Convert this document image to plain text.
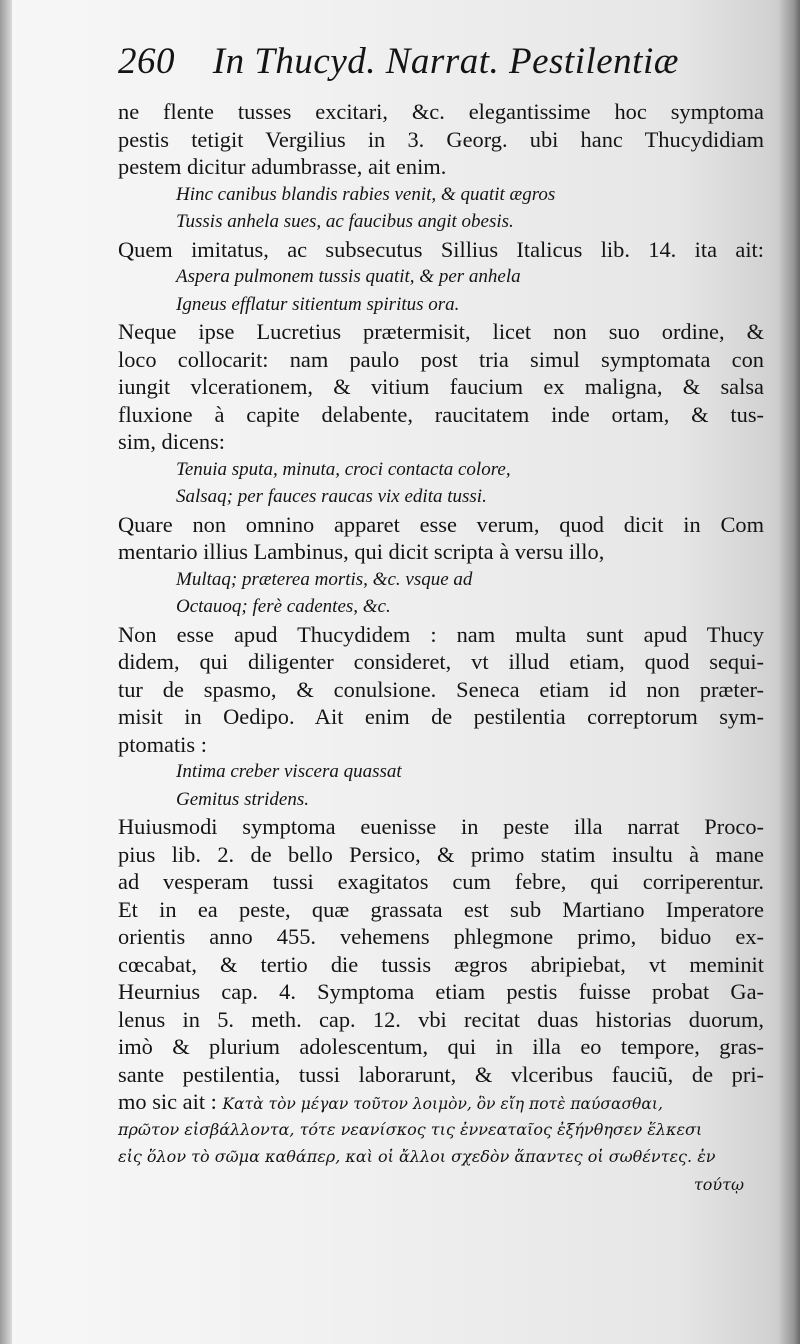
260 In Thucyd. Narrat. Pestilentiæ
ne flente tusses excitari, &c. elegantissime hoc symptoma
pestis tetigit Vergilius in 3. Georg. ubi hanc Thucydidiam
pestem dicitur adumbrasse, ait enim.
Hinc canibus blandis rabies venit, & quatit ægros
Tussis anhela sues, ac faucibus angit obesis.
Quem imitatus, ac subsecutus Sillius Italicus lib. 14. ita ait:
Aspera pulmonem tussis quatit, & per anhela
Igneus efflatur sitientum spiritus ora.
Neque ipse Lucretius prætermisit, licet non suo ordine, &
loco collocarit: nam paulo post tria simul symptomata con
iungit vlcerationem, & vitium faucium ex maligna, & salsa
fluxione à capite delabente, raucitatem inde ortam, & tus-
sim, dicens:
Tenuia sputa, minuta, croci contacta colore,
Salsaq; per fauces raucas vix edita tussi.
Quare non omnino apparet esse verum, quod dicit in Com
mentario illius Lambinus, qui dicit scripta à versu illo,
Multaq; præterea mortis, &c. vsque ad
Octauoq; ferè cadentes, &c.
Non esse apud Thucydidem : nam multa sunt apud Thucy
didem, qui diligenter consideret, vt illud etiam, quod sequi-
tur de spasmo, & conulsione. Seneca etiam id non præter-
misit in Oedipo. Ait enim de pestilentia correptorum sym-
ptomatis :
Intima creber viscera quassat
Gemitus stridens.
Huiusmodi symptoma euenisse in peste illa narrat Proco-
pius lib. 2. de bello Persico, & primo statim insultu à mane
ad vesperam tussi exagitatos cum febre, qui corriperentur.
Et in ea peste, quæ grassata est sub Martiano Imperatore
orientis anno 455. vehemens phlegmone primo, biduo ex-
cœcabat, & tertio die tussis ægros abripiebat, vt meminit
Heurnius cap. 4. Symptoma etiam pestis fuisse probat Ga-
lenus in 5. meth. cap. 12. vbi recitat duas historias duorum,
imò & plurium adolescentum, qui in illa eo tempore, gras-
sante pestilentia, tussi laborarunt, & vlceribus fauciũ, de pri-
mo sic ait : Κατὰ τὸν μέγαν τοῦτον λοιμὸν, ὃν εἴη ποτὲ παύσασθαι,
πρῶτον εἰσβάλλοντα, τότε νεανίσκος τις ἐννεαταῖος ἐξήνθησεν ἕλκεσι
εἰς ὅλον τὸ σῶμα καθάπερ, καὶ οἱ ἄλλοι σχεδὸν ἅπαντες οἱ σωθέντες. ἐν
τούτῳ
